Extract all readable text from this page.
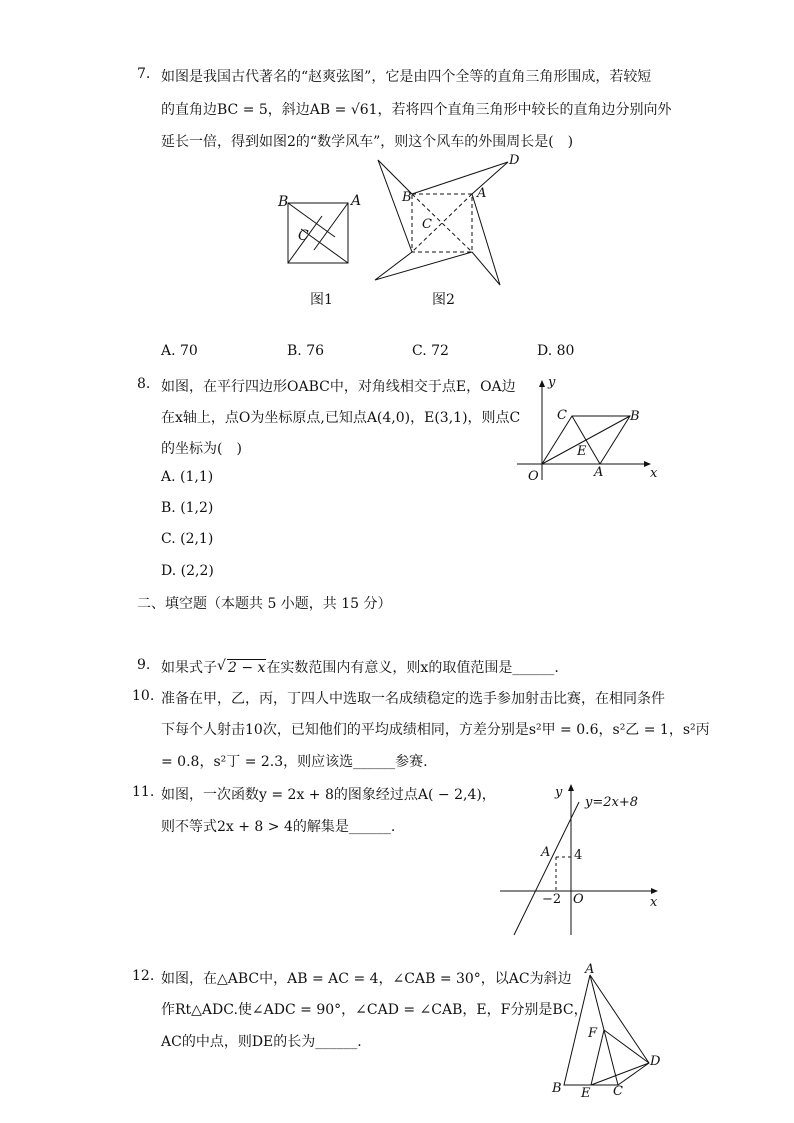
7. 如图是我国古代著名的“赵爽弦图”，它是由四个全等的直角三角形围成，若较短
的直角边BC = 5，斜边AB = √61，若将四个直角三角形中较长的直角边分别向外
延长一倍，得到如图2的“数学风车”，则这个风车的外围周长是(　)
B	A
C
图1
B	A
C
D
图2
A. 70	B. 76	C. 72	D. 80
8. 如图，在平行四边形OABC中，对角线相交于点E，OA边
在x轴上，点O为坐标原点,已知点A(4,0)，E(3,1)，则点C
的坐标为(　)
A. (1,1)
B. (1,2)
C. (2,1)
D. (2,2)
y
x
O	A
B
C
E
二、填空题（本题共 5 小题，共 15 分）
9. 如果式子 √ 2 − x在实数范围内有意义，则x的取值范围是______.
10. 准备在甲，乙，丙，丁四人中选取一名成绩稳定的选手参加射击比赛，在相同条件
下每个人射击10次，已知他们的平均成绩相同，方差分别是s²甲 = 0.6，s²乙 = 1，s²丙
= 0.8，s²丁 = 2.3，则应该选______参赛.
11. 如图，一次函数y = 2x + 8的图象经过点A( − 2,4)，
则不等式2x + 8 > 4的解集是______.
y
y=2x+8
A 4
−2 O	x
12. 如图，在△ABC中，AB = AC = 4，∠CAB = 30°，以AC为斜边
作Rt△ADC.使∠ADC = 90°，∠CAD = ∠CAB，E，F分别是BC，
AC的中点，则DE的长为______.
A
F
D
B E C
